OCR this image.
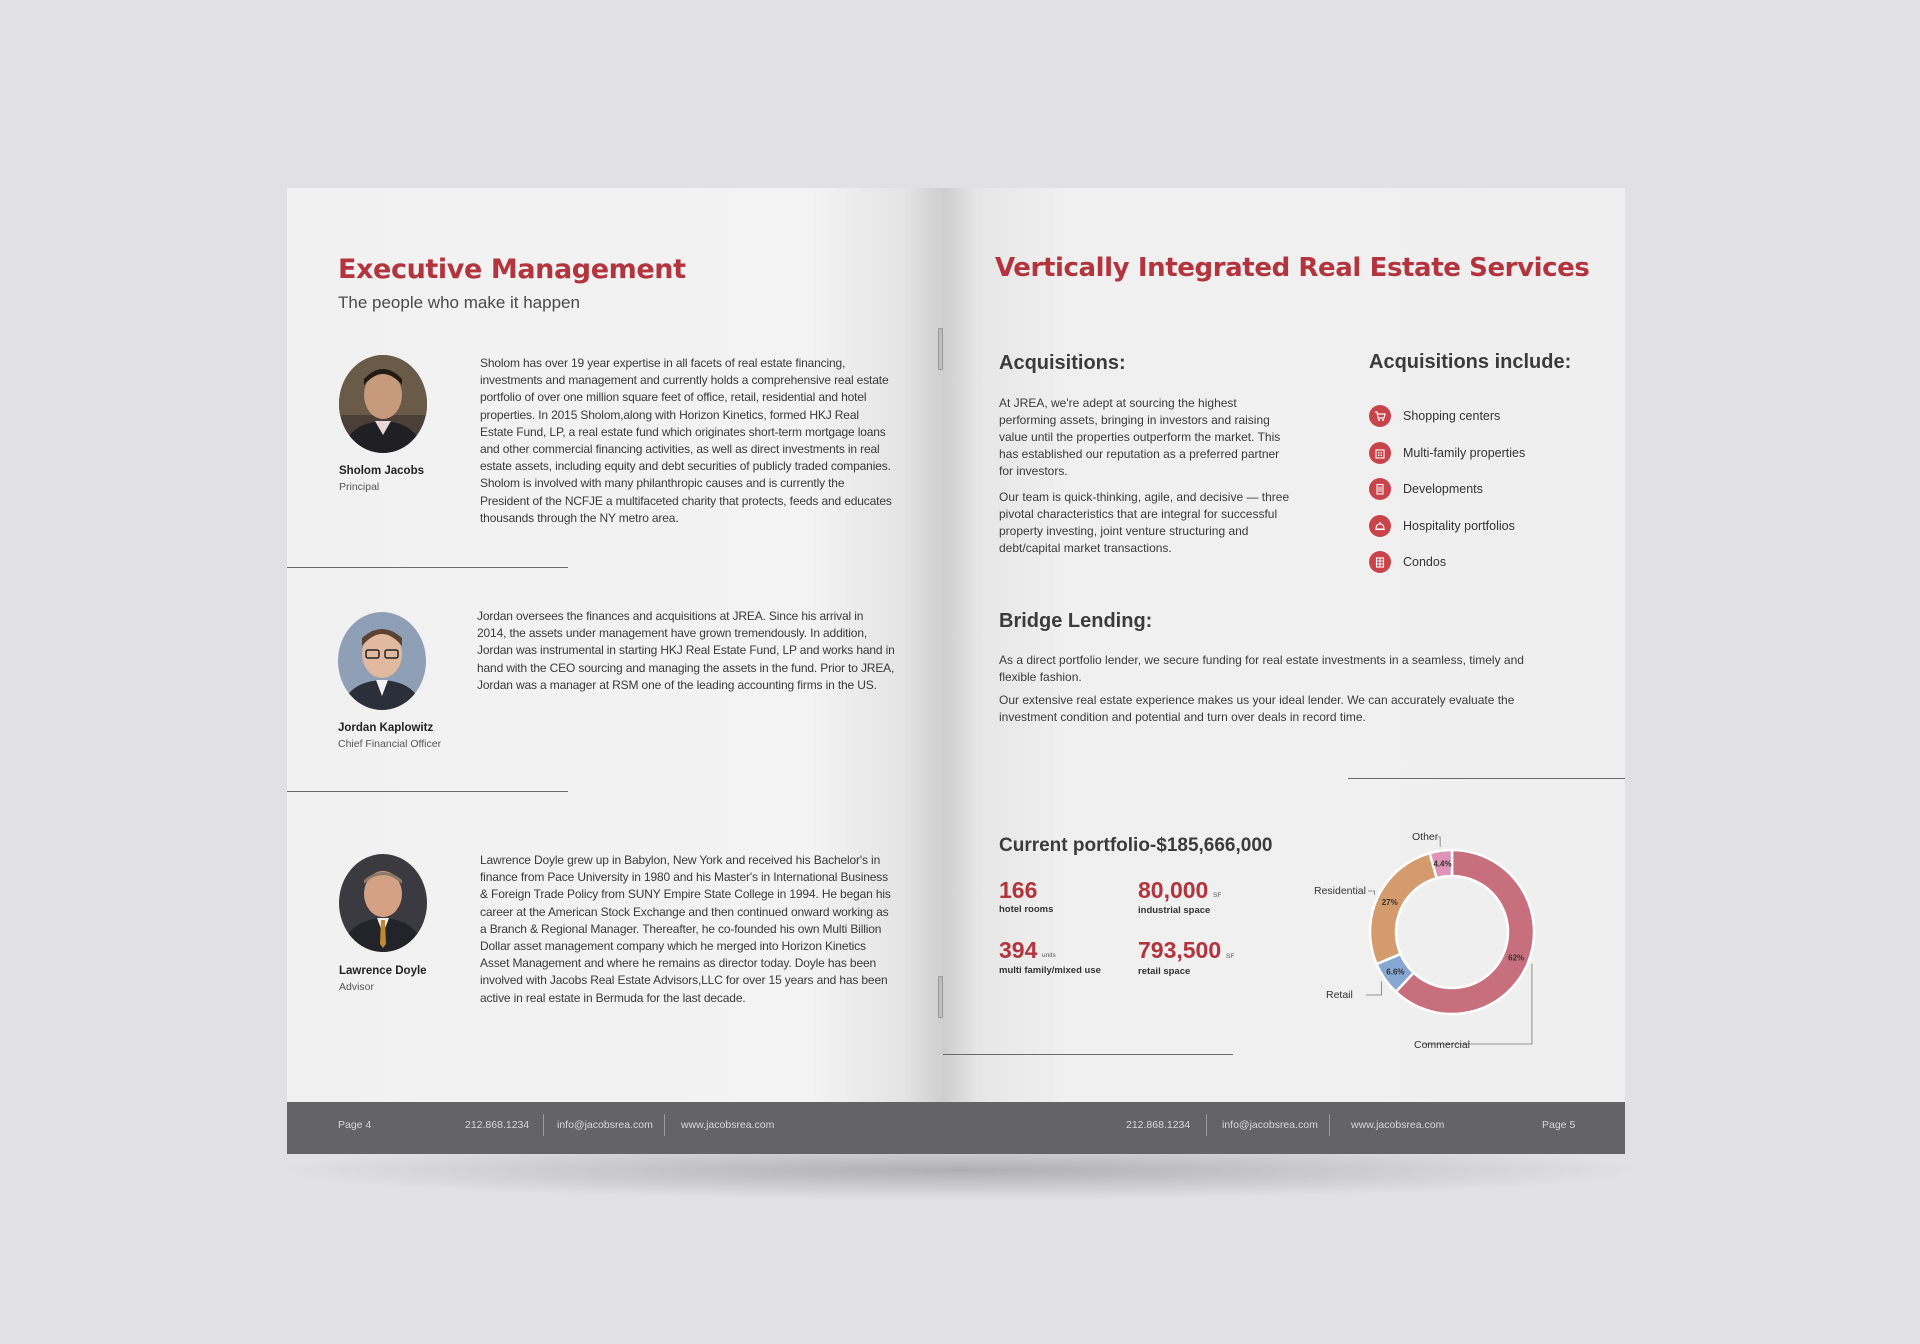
Executive Management
The people who make it happen
Sholom Jacobs
Principal

Sholom has over 19 year expertise in all facets of real estate financing, investments and management and currently holds a comprehensive real estate portfolio of over one million square feet of office, retail, residential and hotel properties. In 2015 Sholom,along with Horizon Kinetics, formed HKJ Real Estate Fund, LP, a real estate fund which originates short-term mortgage loans and other commercial financing activities, as well as direct investments in real estate assets, including equity and debt securities of publicly traded companies. Sholom is involved with many philanthropic causes and is currently the President of the NCFJE a multifaceted charity that protects, feeds and educates thousands through the NY metro area.

Jordan Kaplowitz
Chief Financial Officer

Jordan oversees the finances and acquisitions at JREA. Since his arrival in 2014, the assets under management have grown tremendously. In addition, Jordan was instrumental in starting HKJ Real Estate Fund, LP and works hand in hand with the CEO sourcing and managing the assets in the fund. Prior to JREA, Jordan was a manager at RSM one of the leading accounting firms in the US.

Lawrence Doyle
Advisor

Lawrence Doyle grew up in Babylon, New York and received his Bachelor's in finance from Pace University in 1980 and his Master's in International Business & Foreign Trade Policy from SUNY Empire State College in 1994. He began his career at the American Stock Exchange and then continued onward working as a Branch & Regional Manager. Thereafter, he co-founded his own Multi Billion Dollar asset management company which he merged into Horizon Kinetics Asset Management and where he remains as director today. Doyle has been involved with Jacobs Real Estate Advisors,LLC for over 15 years and has been active in real estate in Bermuda for the last decade.

Page 4	212.868.1234	info@jacobsrea.com	www.jacobsrea.com
Vertically Integrated Real Estate Services
Acquisitions:

At JREA, we're adept at sourcing the highest performing assets, bringing in investors and raising value until the properties outperform the market. This has established our reputation as a preferred partner for investors.

Our team is quick-thinking, agile, and decisive — three pivotal characteristics that are integral for successful property investing, joint venture structuring and debt/capital market transactions.

Acquisitions include:
Shopping centers
Multi-family properties
Developments
Hospitality portfolios
Condos
Bridge Lending:

As a direct portfolio lender, we secure funding for real estate investments in a seamless, timely and flexible fashion.

Our extensive real estate experience makes us your ideal lender. We can accurately evaluate the investment condition and potential and turn over deals in record time.

Current portfolio-$185,666,000
166
hotel rooms
80,000 SF
industrial space
394 units
multi family/mixed use
793,500 SF
retail space
62%
Commercial
6.6%
Retail
27%
Residential
4.4%
Other
212.868.1234	info@jacobsrea.com	www.jacobsrea.com	Page 5
